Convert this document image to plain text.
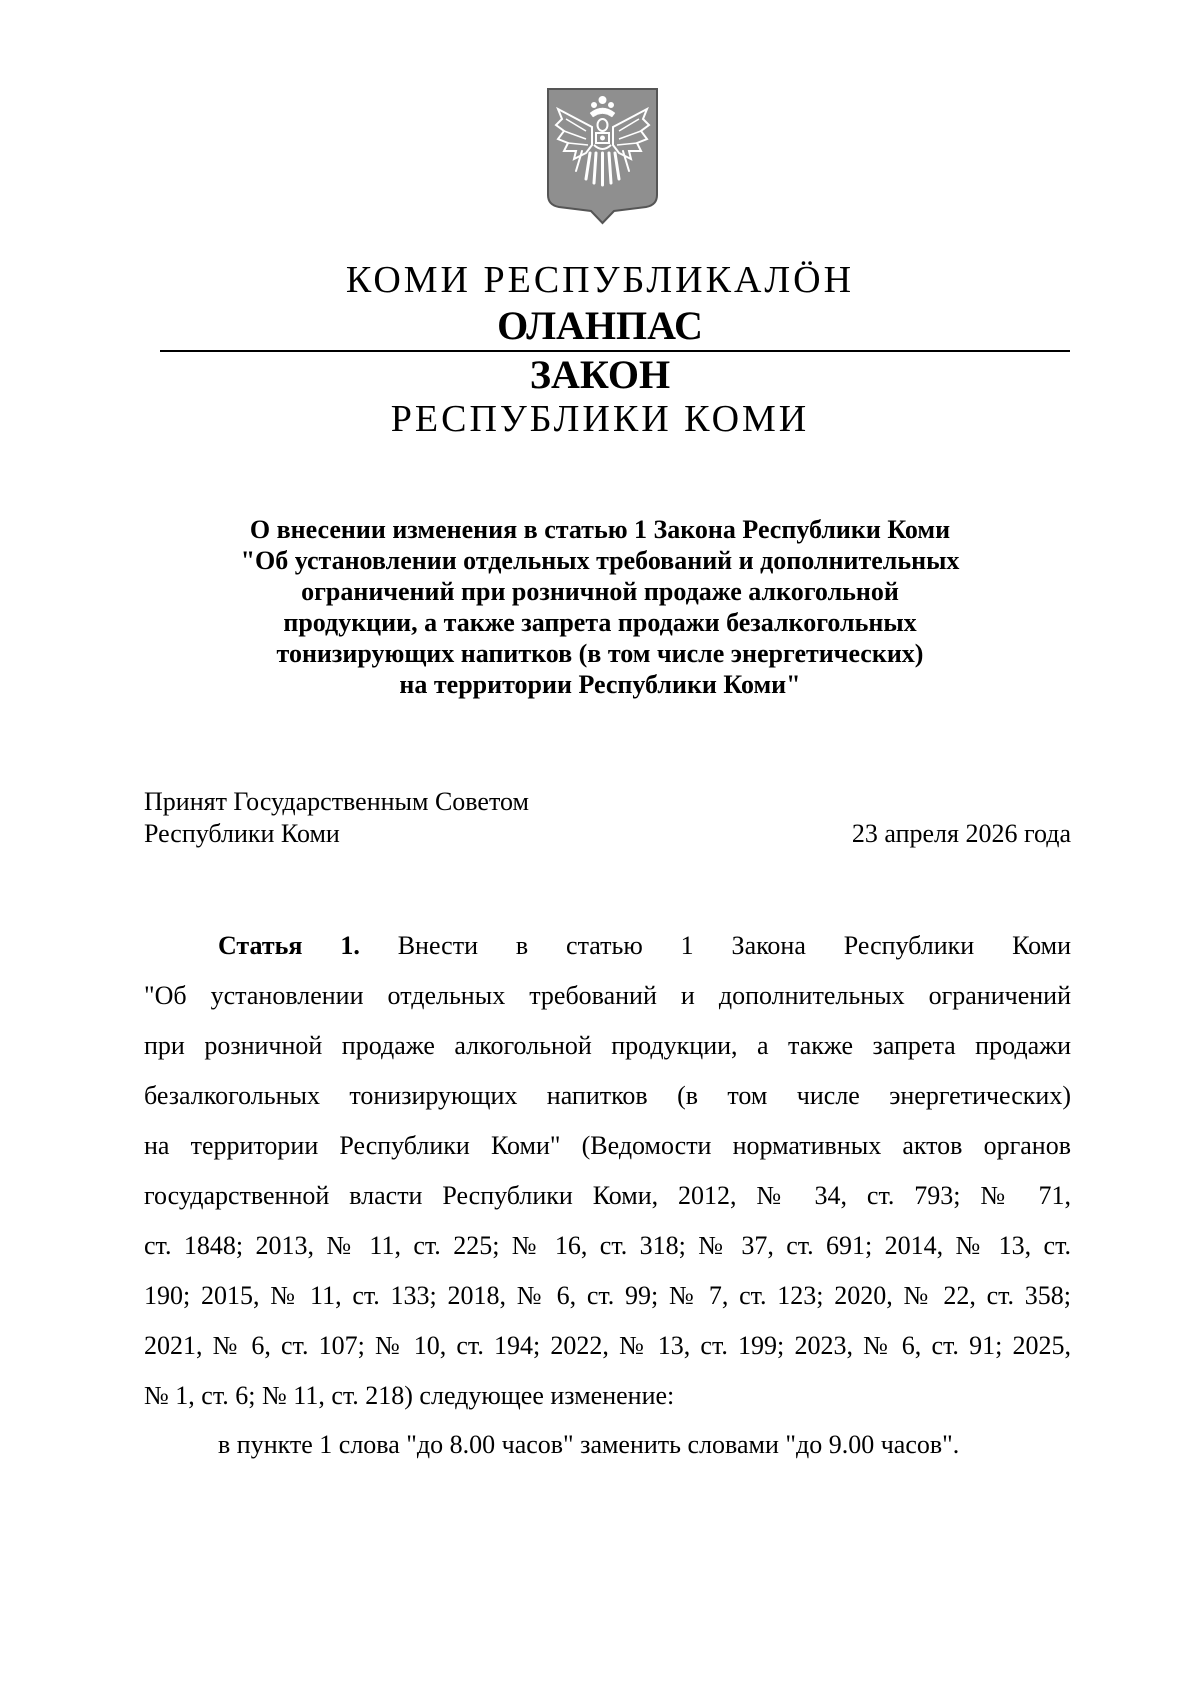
КОМИ РЕСПУБЛИКАЛӦН
ОЛАНПАС
ЗАКОН
РЕСПУБЛИКИ КОМИ
О внесении изменения в статью 1 Закона Республики Коми
"Об установлении отдельных требований и дополнительных
ограничений при розничной продаже алкогольной
продукции, а также запрета продажи безалкогольных
тонизирующих напитков (в том числе энергетических)
на территории Республики Коми"
Принят Государственным Советом
Республики Коми	23 апреля 2026 года
Статья 1. Внести в статью 1 Закона Республики Коми
"Об установлении отдельных требований и дополнительных ограничений
при розничной продаже алкогольной продукции, а также запрета продажи
безалкогольных тонизирующих напитков (в том числе энергетических)
на территории Республики Коми" (Ведомости нормативных актов органов
государственной власти Республики Коми, 2012, № 34, ст. 793; № 71,
ст. 1848; 2013, № 11, ст. 225; № 16, ст. 318; № 37, ст. 691; 2014, № 13, ст.
190; 2015, № 11, ст. 133; 2018, № 6, ст. 99; № 7, ст. 123; 2020, № 22, ст. 358;
2021, № 6, ст. 107; № 10, ст. 194; 2022, № 13, ст. 199; 2023, № 6, ст. 91; 2025,
№ 1, ст. 6; № 11, ст. 218) следующее изменение:
в пункте 1 слова "до 8.00 часов" заменить словами "до 9.00 часов".
